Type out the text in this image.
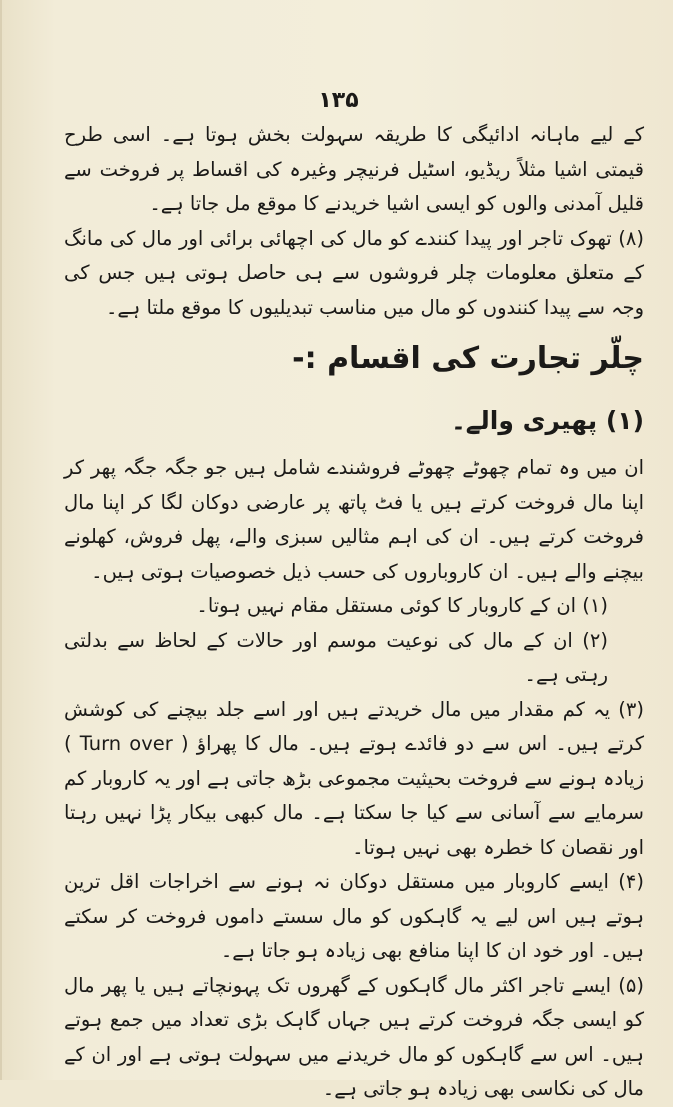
۱۳۵

کے لیے ماہانہ ادائیگی کا طریقہ سہولت بخش ہوتا ہے۔ اسی طرح قیمتی اشیا مثلاً ریڈیو، اسٹیل فرنیچر وغیرہ کی اقساط پر فروخت سے قلیل آمدنی والوں کو ایسی اشیا خریدنے کا موقع مل جاتا ہے۔

(۸) تھوک تاجر اور پیدا کنندے کو مال کی اچھائی برائی اور مال کی مانگ کے متعلق معلومات چلر فروشوں سے ہی حاصل ہوتی ہیں جس کی وجہ سے پیدا کنندوں کو مال میں مناسب تبدیلیوں کا موقع ملتا ہے۔

چلّر تجارت کی اقسام :-
(۱) پھیری والے۔

ان میں وہ تمام چھوٹے چھوٹے فروشندے شامل ہیں جو جگہ جگہ پھر کر اپنا مال فروخت کرتے ہیں یا فٹ پاتھ پر عارضی دوکان لگا کر اپنا مال فروخت کرتے ہیں۔ ان کی اہم مثالیں سبزی والے، پھل فروش، کھلونے بیچنے والے ہیں۔ ان کاروباروں کی حسب ذیل خصوصیات ہوتی ہیں۔

(۱) ان کے کاروبار کا کوئی مستقل مقام نہیں ہوتا۔

(۲) ان کے مال کی نوعیت موسم اور حالات کے لحاظ سے بدلتی رہتی ہے۔

(۳) یہ کم مقدار میں مال خریدتے ہیں اور اسے جلد بیچنے کی کوشش کرتے ہیں۔ اس سے دو فائدے ہوتے ہیں۔ مال کا پھراؤ ( Turn over ) زیادہ ہونے سے فروخت بحیثیت مجموعی بڑھ جاتی ہے اور یہ کاروبار کم سرمایے سے آسانی سے کیا جا سکتا ہے۔ مال کبھی بیکار پڑا نہیں رہتا اور نقصان کا خطرہ بھی نہیں ہوتا۔

(۴) ایسے کاروبار میں مستقل دوکان نہ ہونے سے اخراجات اقل ترین ہوتے ہیں اس لیے یہ گاہکوں کو مال سستے داموں فروخت کر سکتے ہیں۔ اور خود ان کا اپنا منافع بھی زیادہ ہو جاتا ہے۔

(۵) ایسے تاجر اکثر مال گاہکوں کے گھروں تک پہونچاتے ہیں یا پھر مال کو ایسی جگہ فروخت کرتے ہیں جہاں گاہک بڑی تعداد میں جمع ہوتے ہیں۔ اس سے گاہکوں کو مال خریدنے میں سہولت ہوتی ہے اور ان کے مال کی نکاسی بھی زیادہ ہو جاتی ہے۔
